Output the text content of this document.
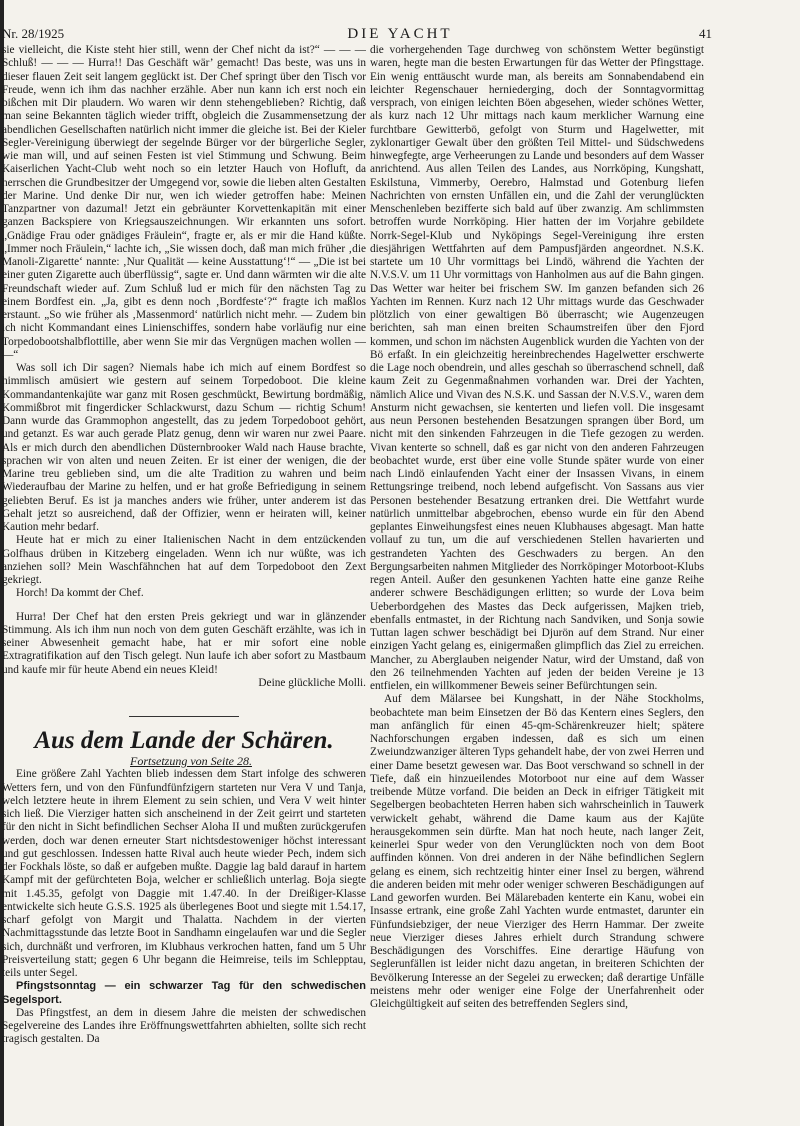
Nr. 28/1925	DIE YACHT	41

sie vielleicht, die Kiste steht hier still, wenn der Chef nicht da ist?“ — — — Schluß! — — — Hurra!! Das Geschäft wär’ gemacht! Das beste, was uns in dieser flauen Zeit seit langem geglückt ist. Der Chef springt über den Tisch vor Freude, wenn ich ihm das nachher erzähle. Aber nun kann ich erst noch ein bißchen mit Dir plaudern. Wo waren wir denn stehengeblieben? Richtig, daß man seine Bekannten täglich wieder trifft, obgleich die Zusammensetzung der abendlichen Gesellschaften natürlich nicht immer die gleiche ist. Bei der Kieler Segler-Vereinigung überwiegt der segelnde Bürger vor der bürgerliche Segler, wie man will, und auf seinen Festen ist viel Stimmung und Schwung. Beim Kaiserlichen Yacht-Club weht noch so ein letzter Hauch von Hofluft, da herrschen die Grundbesitzer der Umgegend vor, sowie die lieben alten Gestalten der Marine. Und denke Dir nur, wen ich wieder getroffen habe: Meinen Tanzpartner von dazumal! Jetzt ein gebräunter Korvettenkapitän mit einer ganzen Backspiere von Kriegsauszeichnungen. Wir erkannten uns sofort. „Gnädige Frau oder gnädiges Fräulein“, fragte er, als er mir die Hand küßte. „Immer noch Fräulein,“ lachte ich, „Sie wissen doch, daß man mich früher ‚die Manoli-Zigarette‘ nannte: ‚Nur Qualität — keine Ausstattung‘!“ — „Die ist bei einer guten Zigarette auch überflüssig“, sagte er. Und dann wärmten wir die alte Freundschaft wieder auf. Zum Schluß lud er mich für den nächsten Tag zu einem Bordfest ein. „Ja, gibt es denn noch ‚Bordfeste‘?“ fragte ich maßlos erstaunt. „So wie früher als ‚Massenmord‘ natürlich nicht mehr. — Zudem bin ich nicht Kommandant eines Linienschiffes, sondern habe vorläufig nur eine Torpedobootshalbflottille, aber wenn Sie mir das Vergnügen machen wollen — —“

Was soll ich Dir sagen? Niemals habe ich mich auf einem Bordfest so himmlisch amüsiert wie gestern auf seinem Torpedoboot. Die kleine Kommandantenkajüte war ganz mit Rosen geschmückt, Bewirtung bordmäßig, Kommißbrot mit fingerdicker Schlackwurst, dazu Schum — richtig Schum! Dann wurde das Grammophon angestellt, das zu jedem Torpedoboot gehört, und getanzt. Es war auch gerade Platz genug, denn wir waren nur zwei Paare. Als er mich durch den abendlichen Düsternbrooker Wald nach Hause brachte, sprachen wir von alten und neuen Zeiten. Er ist einer der wenigen, die der Marine treu geblieben sind, um die alte Tradition zu wahren und beim Wiederaufbau der Marine zu helfen, und er hat große Befriedigung in seinem geliebten Beruf. Es ist ja manches anders wie früher, unter anderem ist das Gehalt jetzt so ausreichend, daß der Offizier, wenn er heiraten will, keiner Kaution mehr bedarf.

Heute hat er mich zu einer Italienischen Nacht in dem entzückenden Golfhaus drüben in Kitzeberg eingeladen. Wenn ich nur wüßte, was ich anziehen soll? Mein Waschfähnchen hat auf dem Torpedoboot den Zext gekriegt.

Horch! Da kommt der Chef.

Hurra! Der Chef hat den ersten Preis gekriegt und war in glänzender Stimmung. Als ich ihm nun noch von dem guten Geschäft erzählte, was ich in seiner Abwesenheit gemacht habe, hat er mir sofort eine noble Extragratifikation auf den Tisch gelegt. Nun laufe ich aber sofort zu Mastbaum und kaufe mir für heute Abend ein neues Kleid!

Deine glückliche Molli.

Aus dem Lande der Schären.

Fortsetzung von Seite 28.

Eine größere Zahl Yachten blieb indessen dem Start infolge des schweren Wetters fern, und von den Fünfundfünfzigern starteten nur Vera V und Tanja, welch letztere heute in ihrem Element zu sein schien, und Vera V weit hinter sich ließ. Die Vierziger hatten sich anscheinend in der Zeit geirrt und starteten für den nicht in Sicht befindlichen Sechser Aloha II und mußten zurückgerufen werden, doch war denen erneuter Start nichtsdestoweniger höchst interessant und gut geschlossen. Indessen hatte Rival auch heute wieder Pech, indem sich der Fockhals löste, so daß er aufgeben mußte. Daggie lag bald darauf in hartem Kampf mit der gefürchteten Boja, welcher er schließlich unterlag. Boja siegte mit 1.45.35, gefolgt von Daggie mit 1.47.40. In der Dreißiger-Klasse entwickelte sich heute G.S.S. 1925 als überlegenes Boot und siegte mit 1.54.17, scharf gefolgt von Margit und Thalatta. Nachdem in der vierten Nachmittagsstunde das letzte Boot in Sandhamn eingelaufen war und die Segler sich, durchnäßt und verfroren, im Klubhaus verkrochen hatten, fand um 5 Uhr Preisverteilung statt; gegen 6 Uhr begann die Heimreise, teils im Schlepptau, teils unter Segel.

Pfingstsonntag — ein schwarzer Tag für den schwedischen Segelsport.

Das Pfingstfest, an dem in diesem Jahre die meisten der schwedischen Segelvereine des Landes ihre Eröffnungswettfahrten abhielten, sollte sich recht tragisch gestalten. Da

die vorhergehenden Tage durchweg von schönstem Wetter begünstigt waren, hegte man die besten Erwartungen für das Wetter der Pfingsttage. Ein wenig enttäuscht wurde man, als bereits am Sonnabendabend ein leichter Regenschauer herniederging, doch der Sonntagvormittag versprach, von einigen leichten Böen abgesehen, wieder schönes Wetter, als kurz nach 12 Uhr mittags nach kaum merklicher Warnung eine furchtbare Gewitterbö, gefolgt von Sturm und Hagelwetter, mit zyklonartiger Gewalt über den größten Teil Mittel- und Südschwedens hinwegfegte, arge Verheerungen zu Lande und besonders auf dem Wasser anrichtend. Aus allen Teilen des Landes, aus Norrköping, Kungshatt, Eskilstuna, Vimmerby, Oerebro, Halmstad und Gotenburg liefen Nachrichten von ernsten Unfällen ein, und die Zahl der verunglückten Menschenleben bezifferte sich bald auf über zwanzig. Am schlimmsten betroffen wurde Norrköping. Hier hatten der im Vorjahre gebildete Norrk-Segel-Klub und Nyköpings Segel-Vereinigung ihre ersten diesjährigen Wettfahrten auf dem Pampusfjärden angeordnet. N.S.K. startete um 10 Uhr vormittags bei Lindö, während die Yachten der N.V.S.V. um 11 Uhr vormittags von Hanholmen aus auf die Bahn gingen. Das Wetter war heiter bei frischem SW. Im ganzen befanden sich 26 Yachten im Rennen. Kurz nach 12 Uhr mittags wurde das Geschwader plötzlich von einer gewaltigen Bö überrascht; wie Augenzeugen berichten, sah man einen breiten Schaumstreifen über den Fjord kommen, und schon im nächsten Augenblick wurden die Yachten von der Bö erfaßt. In ein gleichzeitig hereinbrechendes Hagelwetter erschwerte die Lage noch obendrein, und alles geschah so überraschend schnell, daß kaum Zeit zu Gegenmaßnahmen vorhanden war. Drei der Yachten, nämlich Alice und Vivan des N.S.K. und Sassan der N.V.S.V., waren dem Ansturm nicht gewachsen, sie kenterten und liefen voll. Die insgesamt aus neun Personen bestehenden Besatzungen sprangen über Bord, um nicht mit den sinkenden Fahrzeugen in die Tiefe gezogen zu werden. Vivan kenterte so schnell, daß es gar nicht von den anderen Fahrzeugen beobachtet wurde, erst über eine volle Stunde später wurde von einer nach Lindö einlaufenden Yacht einer der Insassen Vivans, in einem Rettungsringe treibend, noch lebend aufgefischt. Von Sassans aus vier Personen bestehender Besatzung ertranken drei. Die Wettfahrt wurde natürlich unmittelbar abgebrochen, ebenso wurde ein für den Abend geplantes Einweihungsfest eines neuen Klubhauses abgesagt. Man hatte vollauf zu tun, um die auf verschiedenen Stellen havarierten und gestrandeten Yachten des Geschwaders zu bergen. An den Bergungsarbeiten nahmen Mitglieder des Norrköpinger Motorboot-Klubs regen Anteil. Außer den gesunkenen Yachten hatte eine ganze Reihe anderer schwere Beschädigungen erlitten; so wurde der Lova beim Ueberbordgehen des Mastes das Deck aufgerissen, Majken trieb, ebenfalls entmastet, in der Richtung nach Sandviken, und Sonja sowie Tuttan lagen schwer beschädigt bei Djurön auf dem Strand. Nur einer einzigen Yacht gelang es, einigermaßen glimpflich das Ziel zu erreichen. Mancher, zu Aberglauben neigender Natur, wird der Umstand, daß von den 26 teilnehmenden Yachten auf jeden der beiden Vereine je 13 entfielen, ein willkommener Beweis seiner Befürchtungen sein.

Auf dem Mälarsee bei Kungshatt, in der Nähe Stockholms, beobachtete man beim Einsetzen der Bö das Kentern eines Seglers, den man anfänglich für einen 45-qm-Schärenkreuzer hielt; spätere Nachforschungen ergaben indessen, daß es sich um einen Zweiundzwanziger älteren Typs gehandelt habe, der von zwei Herren und einer Dame besetzt gewesen war. Das Boot verschwand so schnell in der Tiefe, daß ein hinzueilendes Motorboot nur eine auf dem Wasser treibende Mütze vorfand. Die beiden an Deck in eifriger Tätigkeit mit Segelbergen beobachteten Herren haben sich wahrscheinlich in Tauwerk verwickelt gehabt, während die Dame kaum aus der Kajüte herausgekommen sein dürfte. Man hat noch heute, nach langer Zeit, keinerlei Spur weder von den Verunglückten noch von dem Boot auffinden können. Von drei anderen in der Nähe befindlichen Seglern gelang es einem, sich rechtzeitig hinter einer Insel zu bergen, während die anderen beiden mit mehr oder weniger schweren Beschädigungen auf Land geworfen wurden. Bei Mälarebaden kenterte ein Kanu, wobei ein Insasse ertrank, eine große Zahl Yachten wurde entmastet, darunter ein Fünfundsiebziger, der neue Vierziger des Herrn Hammar. Der zweite neue Vierziger dieses Jahres erhielt durch Strandung schwere Beschädigungen des Vorschiffes. Eine derartige Häufung von Seglerunfällen ist leider nicht dazu angetan, in breiteren Schichten der Bevölkerung Interesse an der Segelei zu erwecken; daß derartige Unfälle meistens mehr oder weniger eine Folge der Unerfahrenheit oder Gleichgültigkeit auf seiten des betreffenden Seglers sind,
